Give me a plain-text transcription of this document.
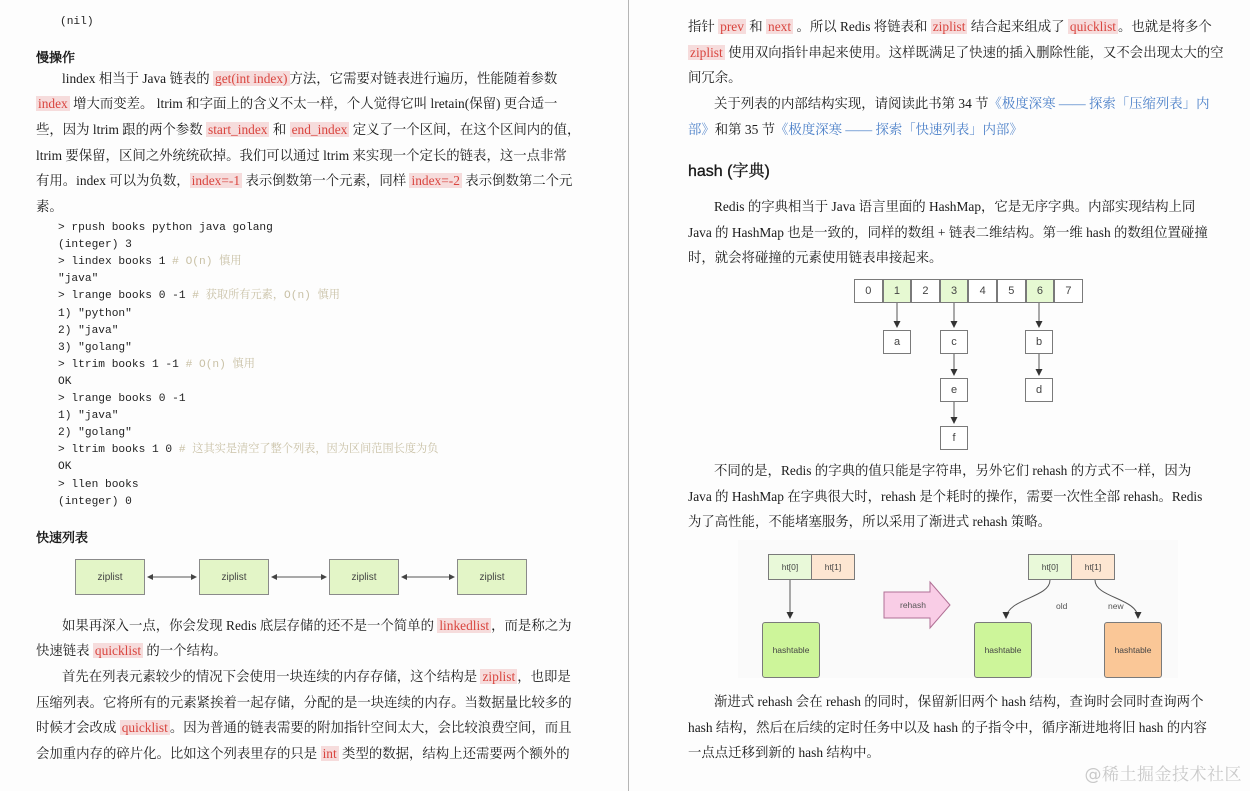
(nil)
慢操作
lindex 相当于 Java 链表的 get(int index) 方法，它需要对链表进行遍历，性能随着参数
index 增大而变差。 ltrim 和字面上的含义不太一样，个人觉得它叫 lretain(保留) 更合适一
些，因为 ltrim 跟的两个参数 start_index 和 end_index 定义了一个区间，在这个区间内的值，
ltrim 要保留，区间之外统统砍掉。我们可以通过 ltrim 来实现一个定长的链表，这一点非常
有用。index 可以为负数， index=-1 表示倒数第一个元素，同样 index=-2 表示倒数第二个元
素。
> rpush books python java golang
(integer) 3
> lindex books 1 # O(n) 慎用
"java"
> lrange books 0 -1 # 获取所有元素，O(n) 慎用
1) "python"
2) "java"
3) "golang"
> ltrim books 1 -1 # O(n) 慎用
OK
> lrange books 0 -1
1) "java"
2) "golang"
> ltrim books 1 0 # 这其实是清空了整个列表，因为区间范围长度为负
OK
> llen books
(integer) 0
快速列表
ziplist	ziplist	ziplist	ziplist
如果再深入一点，你会发现 Redis 底层存储的还不是一个简单的 linkedlist ，而是称之为
快速链表 quicklist 的一个结构。
首先在列表元素较少的情况下会使用一块连续的内存存储，这个结构是 ziplist ，也即是
压缩列表。它将所有的元素紧挨着一起存储，分配的是一块连续的内存。当数据量比较多的
时候才会改成 quicklist 。因为普通的链表需要的附加指针空间太大，会比较浪费空间，而且
会加重内存的碎片化。比如这个列表里存的只是 int 类型的数据，结构上还需要两个额外的
指针 prev 和 next 。所以 Redis 将链表和 ziplist 结合起来组成了 quicklist 。也就是将多个
ziplist 使用双向指针串起来使用。这样既满足了快速的插入删除性能，又不会出现太大的空
间冗余。
关于列表的内部结构实现，请阅读此书第 34 节《极度深寒 —— 探索「压缩列表」内
部》和第 35 节《极度深寒 —— 探索「快速列表」内部》
hash (字典)
Redis 的字典相当于 Java 语言里面的 HashMap，它是无序字典。内部实现结构上同
Java 的 HashMap 也是一致的，同样的数组 + 链表二维结构。第一维 hash 的数组位置碰撞
时，就会将碰撞的元素使用链表串接起来。
0	1	2	3	4	5	6	7
a	c
e
f
b
d
不同的是，Redis 的字典的值只能是字符串，另外它们 rehash 的方式不一样，因为
Java 的 HashMap 在字典很大时，rehash 是个耗时的操作，需要一次性全部 rehash。Redis
为了高性能，不能堵塞服务，所以采用了渐进式 rehash 策略。
ht[0]	ht[1]
hashtable
rehash
ht[0]	ht[1]
old	new
hashtable	hashtable
渐进式 rehash 会在 rehash 的同时，保留新旧两个 hash 结构，查询时会同时查询两个
hash 结构，然后在后续的定时任务中以及 hash 的子指令中，循序渐进地将旧 hash 的内容
一点点迁移到新的 hash 结构中。
@稀土掘金技术社区
